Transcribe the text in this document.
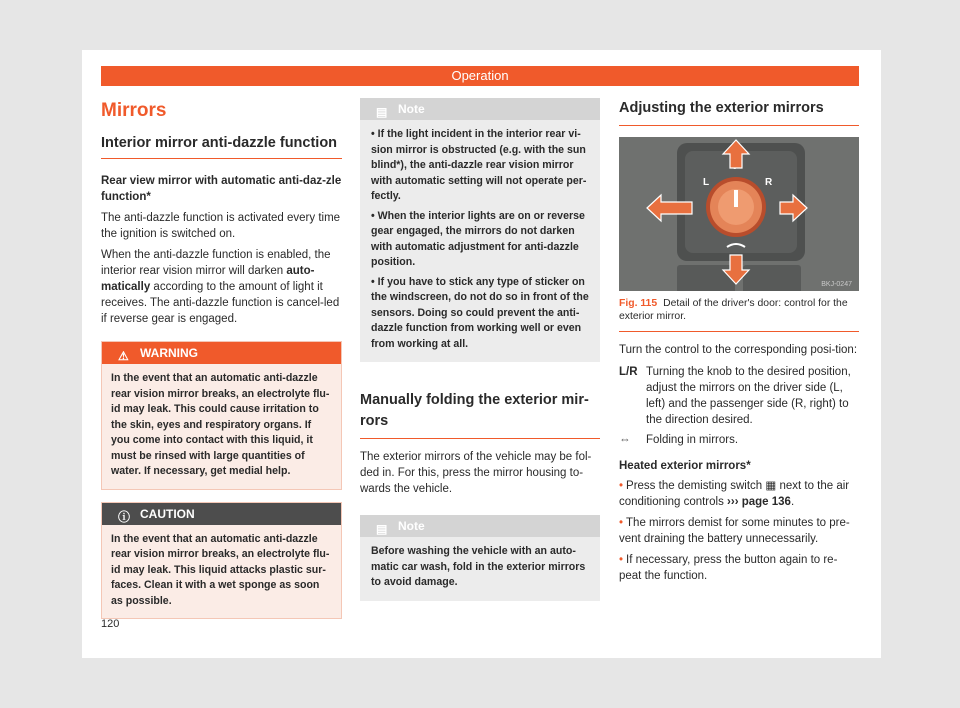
Operation
Mirrors
Interior mirror anti-dazzle function

Rear view mirror with automatic anti-daz-zle function*

The anti-dazzle function is activated every time the ignition is switched on.

When the anti-dazzle function is enabled, the interior rear vision mirror will darken auto-matically according to the amount of light it receives. The anti-dazzle function is cancel-led if reverse gear is engaged.

⚠ WARNING
In the event that an automatic anti-dazzle rear vision mirror breaks, an electrolyte flu-id may leak. This could cause irritation to the skin, eyes and respiratory organs. If you come into contact with this liquid, it must be rinsed with large quantities of water. If necessary, get medial help.
ⓘ CAUTION
In the event that an automatic anti-dazzle rear vision mirror breaks, an electrolyte flu-id may leak. This liquid attacks plastic sur-faces. Clean it with a wet sponge as soon as possible.
▤ Note
• If the light incident in the interior rear vi-sion mirror is obstructed (e.g. with the sun blind*), the anti-dazzle rear vision mirror with automatic setting will not operate per-fectly.
• When the interior lights are on or reverse gear engaged, the mirrors do not darken with automatic adjustment for anti-dazzle position.
• If you have to stick any type of sticker on the windscreen, do not do so in front of the sensors. Doing so could prevent the anti-dazzle function from working well or even from working at all.
Manually folding the exterior mir-rors

The exterior mirrors of the vehicle may be fol-ded in. For this, press the mirror housing to-wards the vehicle.

▤ Note
Before washing the vehicle with an auto-matic car wash, fold in the exterior mirrors to avoid damage.
Adjusting the exterior mirrors
L	R
BKJ-0247
Fig. 115 Detail of the driver's door: control for the exterior mirror.

Turn the control to the corresponding posi-tion:

L/R Turning the knob to the desired position, adjust the mirrors on the driver side (L, left) and the passenger side (R, right) to the direction desired.
⇔	Folding in mirrors.

Heated exterior mirrors*

• Press the demisting switch ▦ next to the air conditioning controls ››› page 136.
• The mirrors demist for some minutes to pre-vent draining the battery unnecessarily.
• If necessary, press the button again to re-peat the function.
120
